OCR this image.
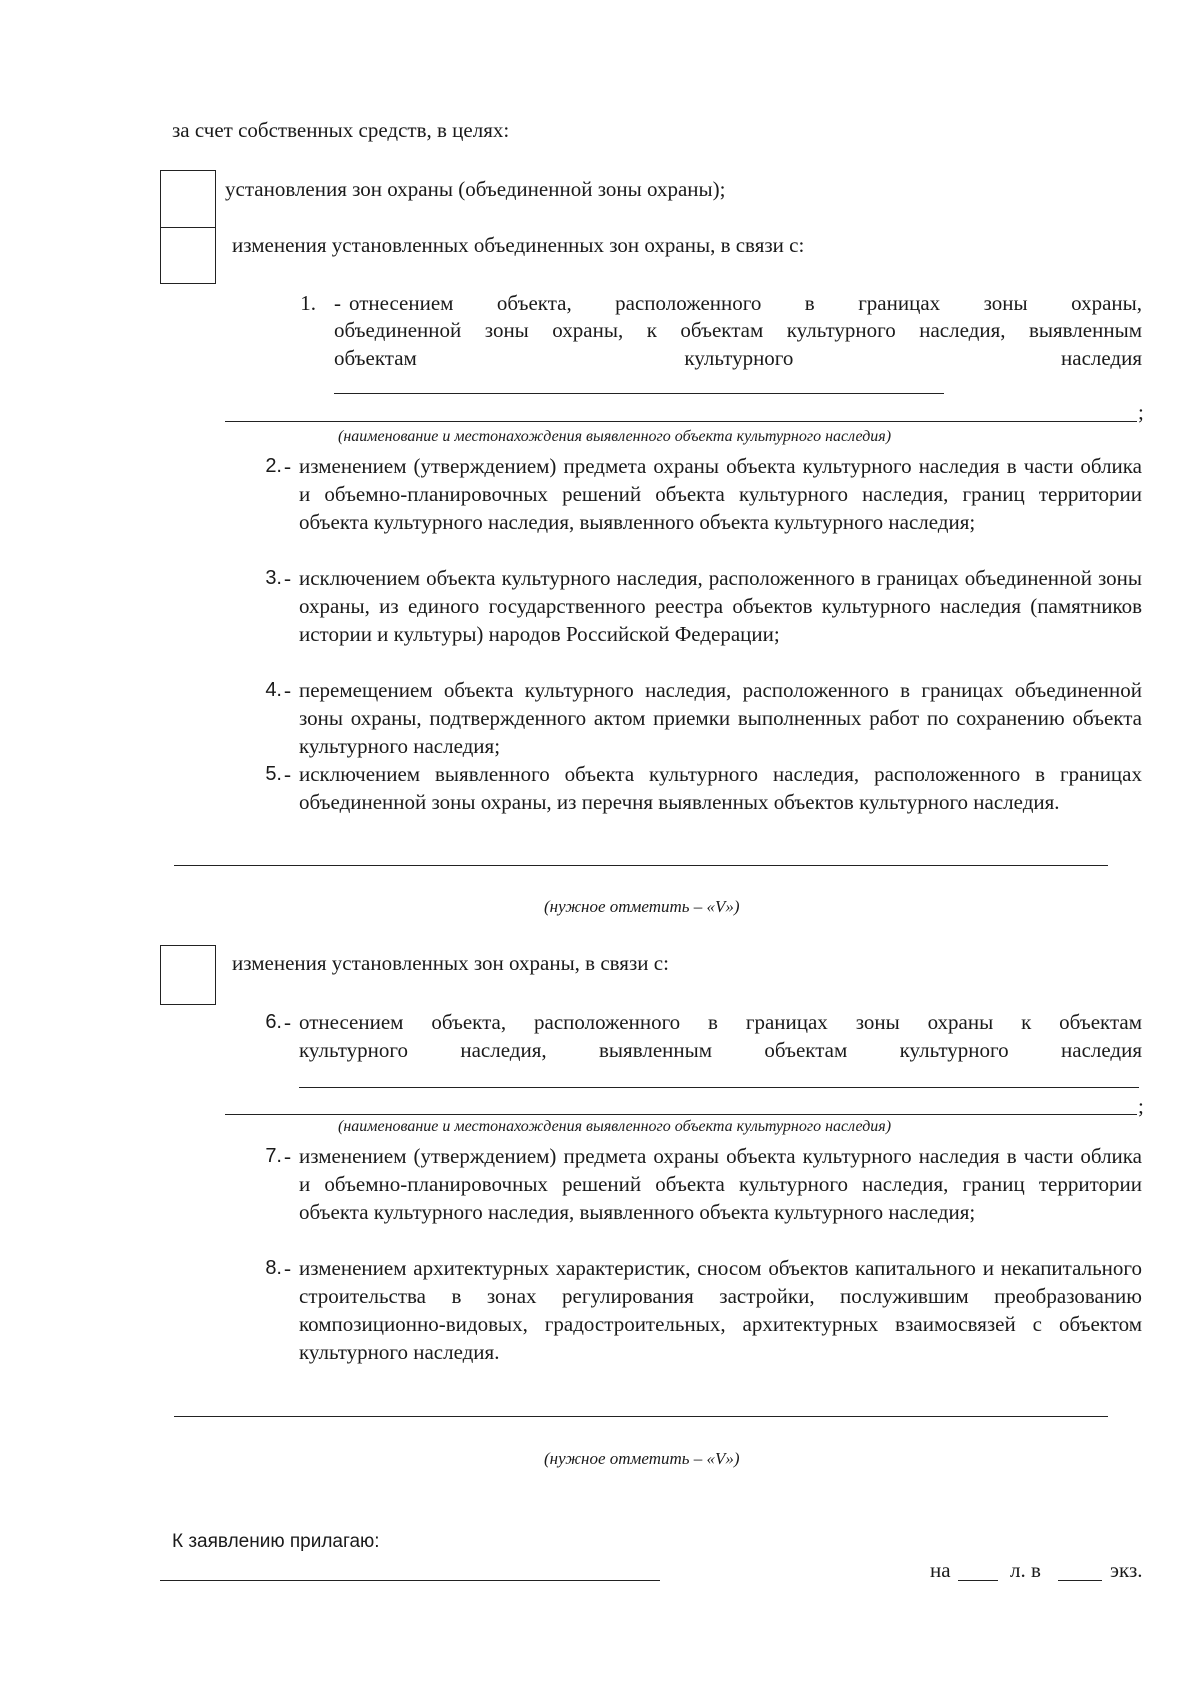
за счет собственных средств, в целях:
установления зон охраны (объединенной зоны охраны);
изменения установленных объединенных зон охраны, в связи с:
1. - отнесением объекта, расположенного в границах зоны охраны,
объединенной зоны охраны, к объектам культурного наследия, выявленным
объектам культурного наследия
;
(наименование и местонахождения выявленного объекта культурного наследия)
2. - изменением (утверждением) предмета охраны объекта культурного наследия в части облика и объемно-планировочных решений объекта культурного наследия, границ территории объекта культурного наследия, выявленного объекта культурного наследия;
3. - исключением объекта культурного наследия, расположенного в границах объединенной зоны охраны, из единого государственного реестра объектов культурного наследия (памятников истории и культуры) народов Российской Федерации;
4. - перемещением объекта культурного наследия, расположенного в границах объединенной зоны охраны, подтвержденного актом приемки выполненных работ по сохранению объекта культурного наследия;
5. - исключением выявленного объекта культурного наследия, расположенного в границах объединенной зоны охраны, из перечня выявленных объектов культурного наследия.
(нужное отметить – «V»)
изменения установленных зон охраны, в связи с:
6. - отнесением объекта, расположенного в границах зоны охраны к объектам
культурного наследия, выявленным объектам культурного наследия
;
(наименование и местонахождения выявленного объекта культурного наследия)
7. - изменением (утверждением) предмета охраны объекта культурного наследия в части облика и объемно-планировочных решений объекта культурного наследия, границ территории объекта культурного наследия, выявленного объекта культурного наследия;
8. - изменением архитектурных характеристик, сносом объектов капитального и некапитального строительства в зонах регулирования застройки, послужившим преобразованию композиционно-видовых, градостроительных, архитектурных взаимосвязей с объектом культурного наследия.
(нужное отметить – «V»)
К заявлению прилагаю:
на	л. в	экз.
